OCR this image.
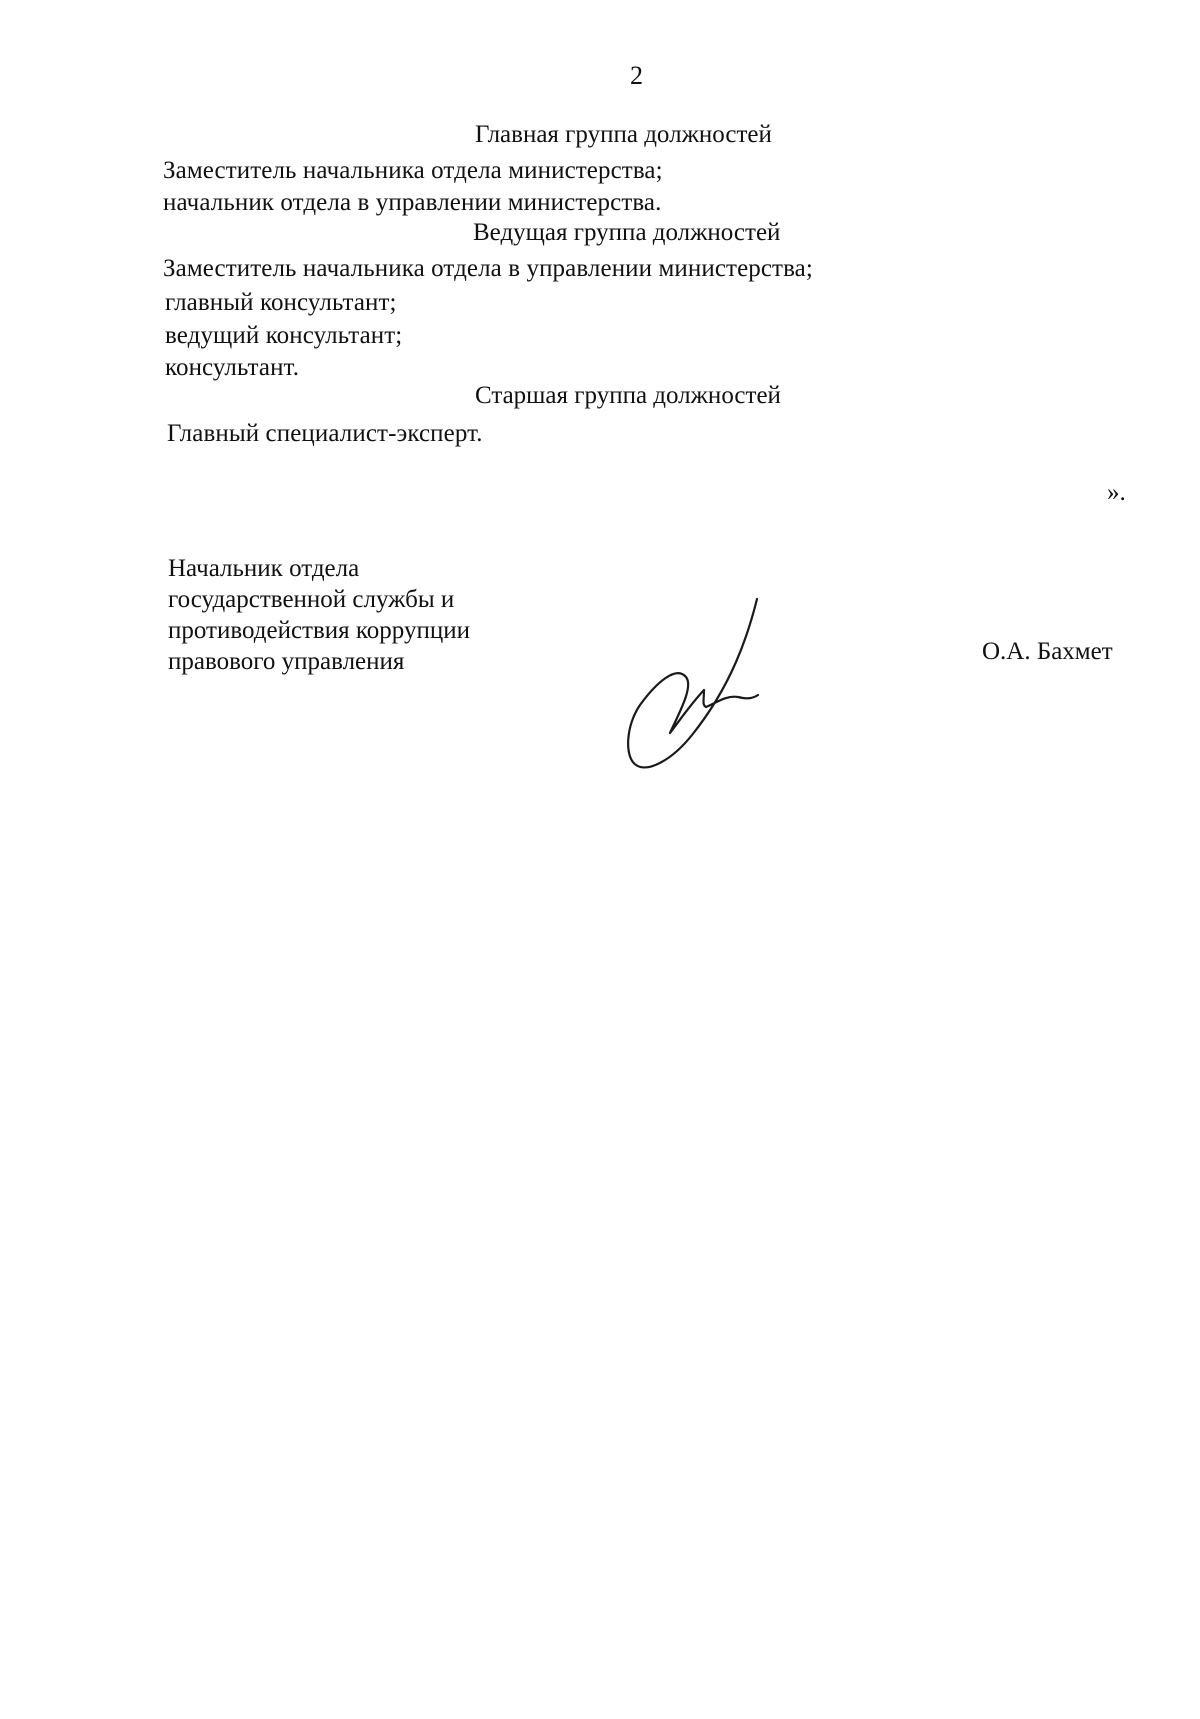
2
Главная группа должностей
Заместитель начальника отдела министерства;
начальник отдела в управлении министерства.
Ведущая группа должностей
Заместитель начальника отдела в управлении министерства;
главный консультант;
ведущий консультант;
консультант.
Старшая группа должностей
Главный специалист-эксперт.
».
Начальник отдела
государственной службы и
противодействия коррупции
правового управления	О.А. Бахмет
